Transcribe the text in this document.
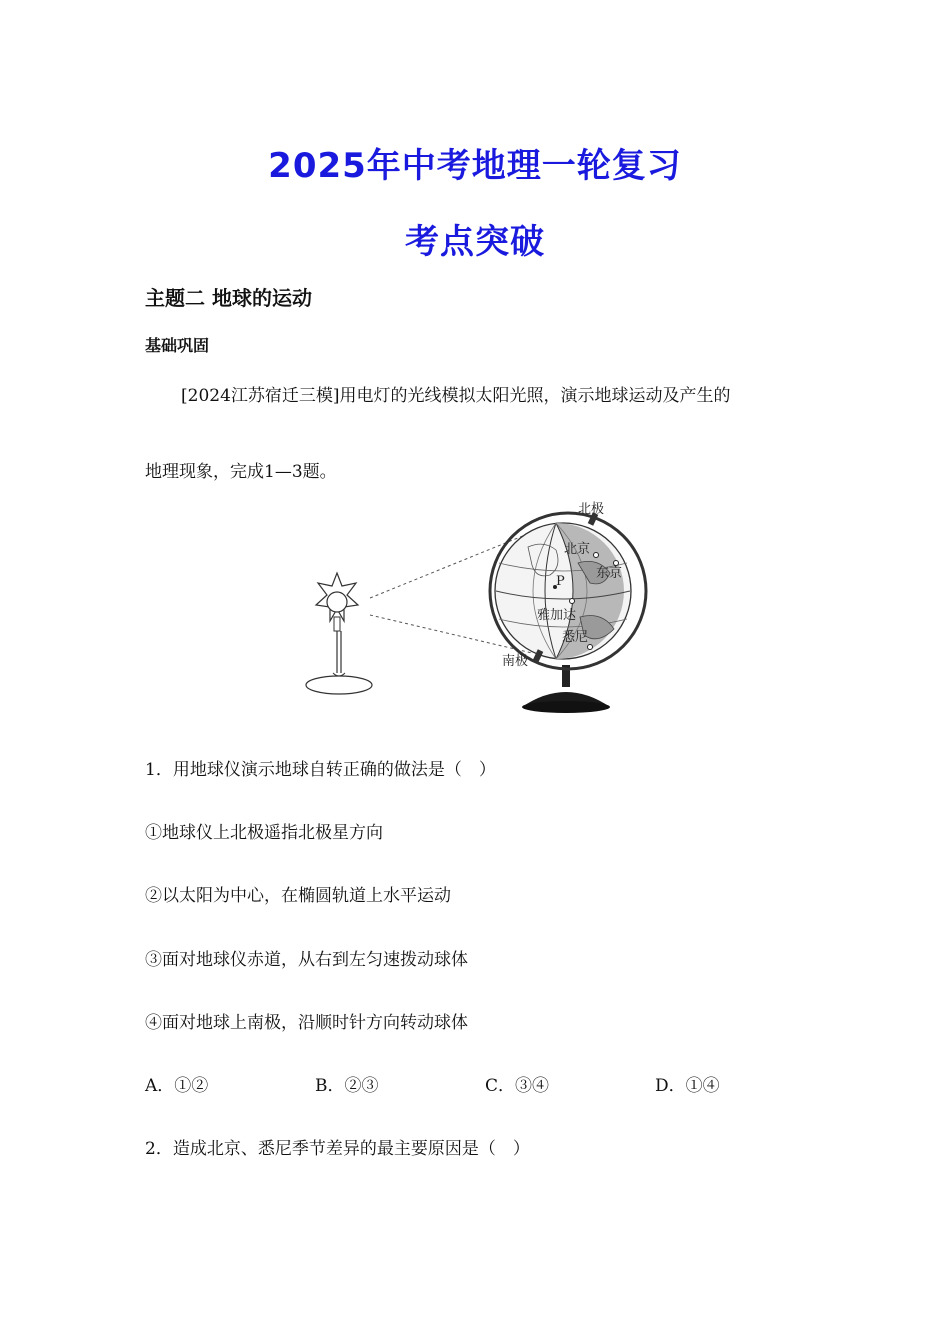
2025年中考地理一轮复习
考点突破
主题二 地球的运动
基础巩固
[2024江苏宿迁三模]用电灯的光线模拟太阳光照，演示地球运动及产生的
地理现象，完成1—3题。
北极
南极
北京
东京
P
雅加达
悉尼
1．用地球仪演示地球自转正确的做法是（　）
①地球仪上北极遥指北极星方向
②以太阳为中心，在椭圆轨道上水平运动
③面对地球仪赤道，从右到左匀速拨动球体
④面对地球上南极，沿顺时针方向转动球体
A．①②	B．②③	C．③④	D．①④
2．造成北京、悉尼季节差异的最主要原因是（　）
